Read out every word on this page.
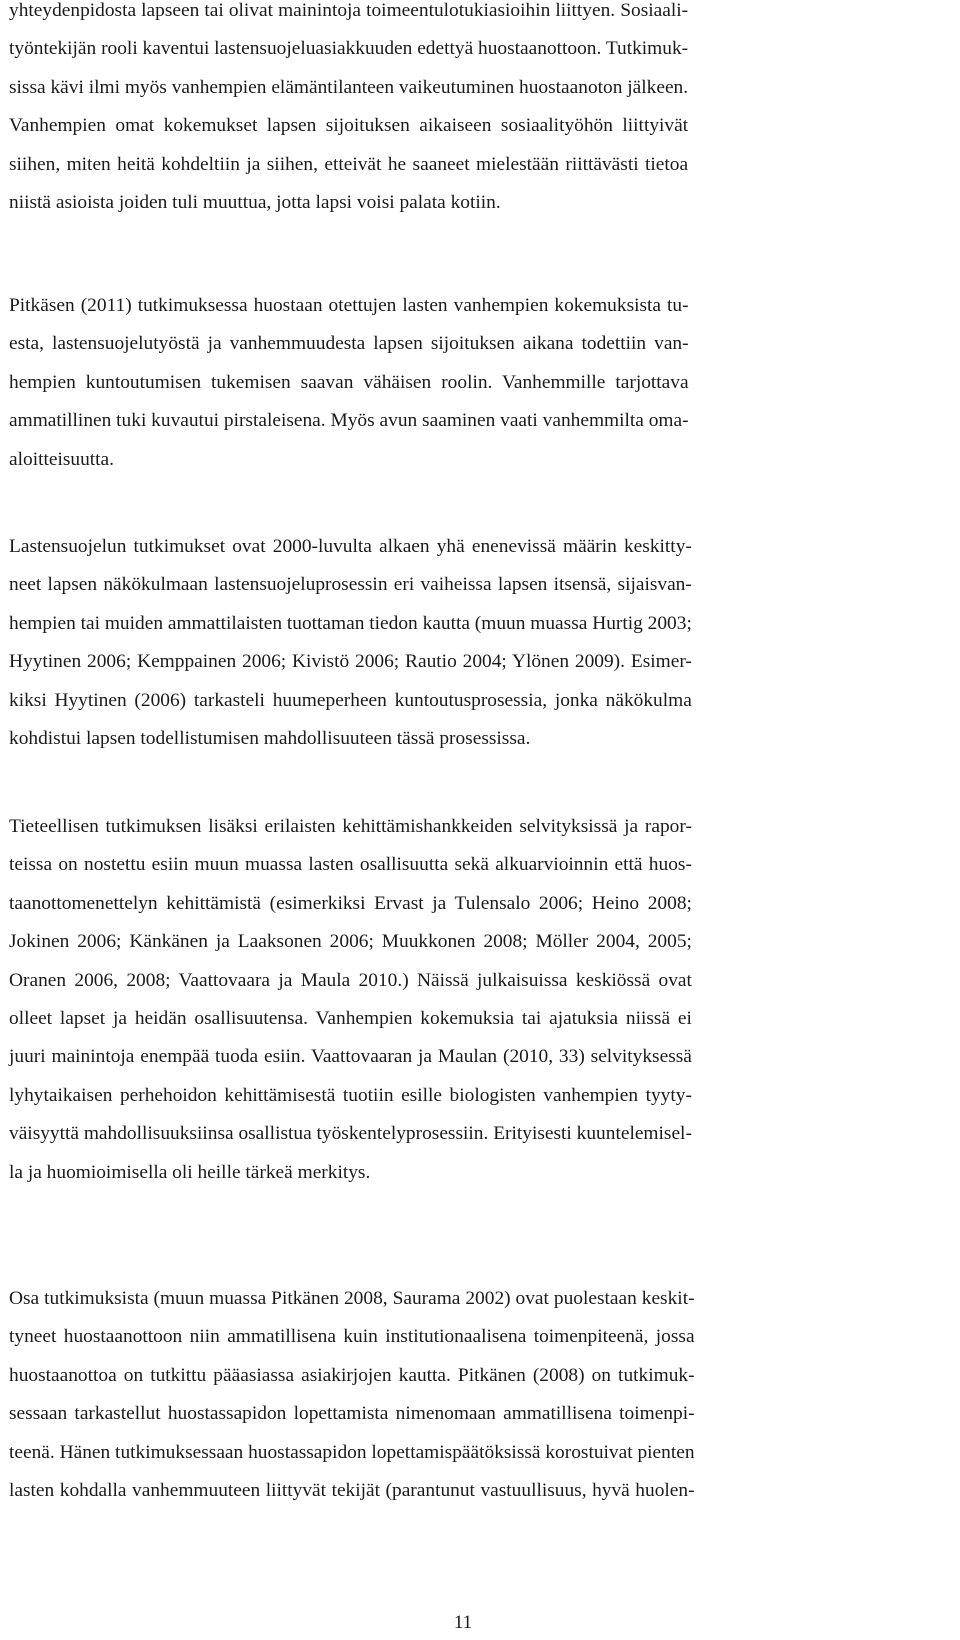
yhteydenpidosta lapseen tai olivat mainintoja toimeentulotukiasioihin liittyen. Sosiaali-
työntekijän rooli kaventui lastensuojeluasiakkuuden edettyä huostaanottoon. Tutkimuk-
sissa kävi ilmi myös vanhempien elämäntilanteen vaikeutuminen huostaanoton jälkeen.
Vanhempien omat kokemukset lapsen sijoituksen aikaiseen sosiaalityöhön liittyivät
siihen, miten heitä kohdeltiin ja siihen, etteivät he saaneet mielestään riittävästi tietoa
niistä asioista joiden tuli muuttua, jotta lapsi voisi palata kotiin.
Pitkäsen (2011) tutkimuksessa huostaan otettujen lasten vanhempien kokemuksista tu-
esta, lastensuojelutyöstä ja vanhemmuudesta lapsen sijoituksen aikana todettiin van-
hempien kuntoutumisen tukemisen saavan vähäisen roolin. Vanhemmille tarjottava
ammatillinen tuki kuvautui pirstaleisena. Myös avun saaminen vaati vanhemmilta oma-
aloitteisuutta.
Lastensuojelun tutkimukset ovat 2000-luvulta alkaen yhä enenevissä määrin keskitty-
neet lapsen näkökulmaan lastensuojeluprosessin eri vaiheissa lapsen itsensä, sijaisvan-
hempien tai muiden ammattilaisten tuottaman tiedon kautta (muun muassa Hurtig 2003;
Hyytinen 2006; Kemppainen 2006; Kivistö 2006; Rautio 2004; Ylönen 2009). Esimer-
kiksi Hyytinen (2006) tarkasteli huumeperheen kuntoutusprosessia, jonka näkökulma
kohdistui lapsen todellistumisen mahdollisuuteen tässä prosessissa.
Tieteellisen tutkimuksen lisäksi erilaisten kehittämishankkeiden selvityksissä ja rapor-
teissa on nostettu esiin muun muassa lasten osallisuutta sekä alkuarvioinnin että huos-
taanottomenettelyn kehittämistä (esimerkiksi Ervast ja Tulensalo 2006; Heino 2008;
Jokinen 2006; Känkänen ja Laaksonen 2006; Muukkonen 2008; Möller 2004, 2005;
Oranen 2006, 2008; Vaattovaara ja Maula 2010.) Näissä julkaisuissa keskiössä ovat
olleet lapset ja heidän osallisuutensa. Vanhempien kokemuksia tai ajatuksia niissä ei
juuri mainintoja enempää tuoda esiin. Vaattovaaran ja Maulan (2010, 33) selvityksessä
lyhytaikaisen perhehoidon kehittämisestä tuotiin esille biologisten vanhempien tyyty-
väisyyttä mahdollisuuksiinsa osallistua työskentelyprosessiin. Erityisesti kuuntelemisel-
la ja huomioimisella oli heille tärkeä merkitys.
Osa tutkimuksista (muun muassa Pitkänen 2008, Saurama 2002) ovat puolestaan keskit-
tyneet huostaanottoon niin ammatillisena kuin institutionaalisena toimenpiteenä, jossa
huostaanottoa on tutkittu pääasiassa asiakirjojen kautta. Pitkänen (2008) on tutkimuk-
sessaan tarkastellut huostassapidon lopettamista nimenomaan ammatillisena toimenpi-
teenä. Hänen tutkimuksessaan huostassapidon lopettamispäätöksissä korostuivat pienten
lasten kohdalla vanhemmuuteen liittyvät tekijät (parantunut vastuullisuus, hyvä huolen-
11
